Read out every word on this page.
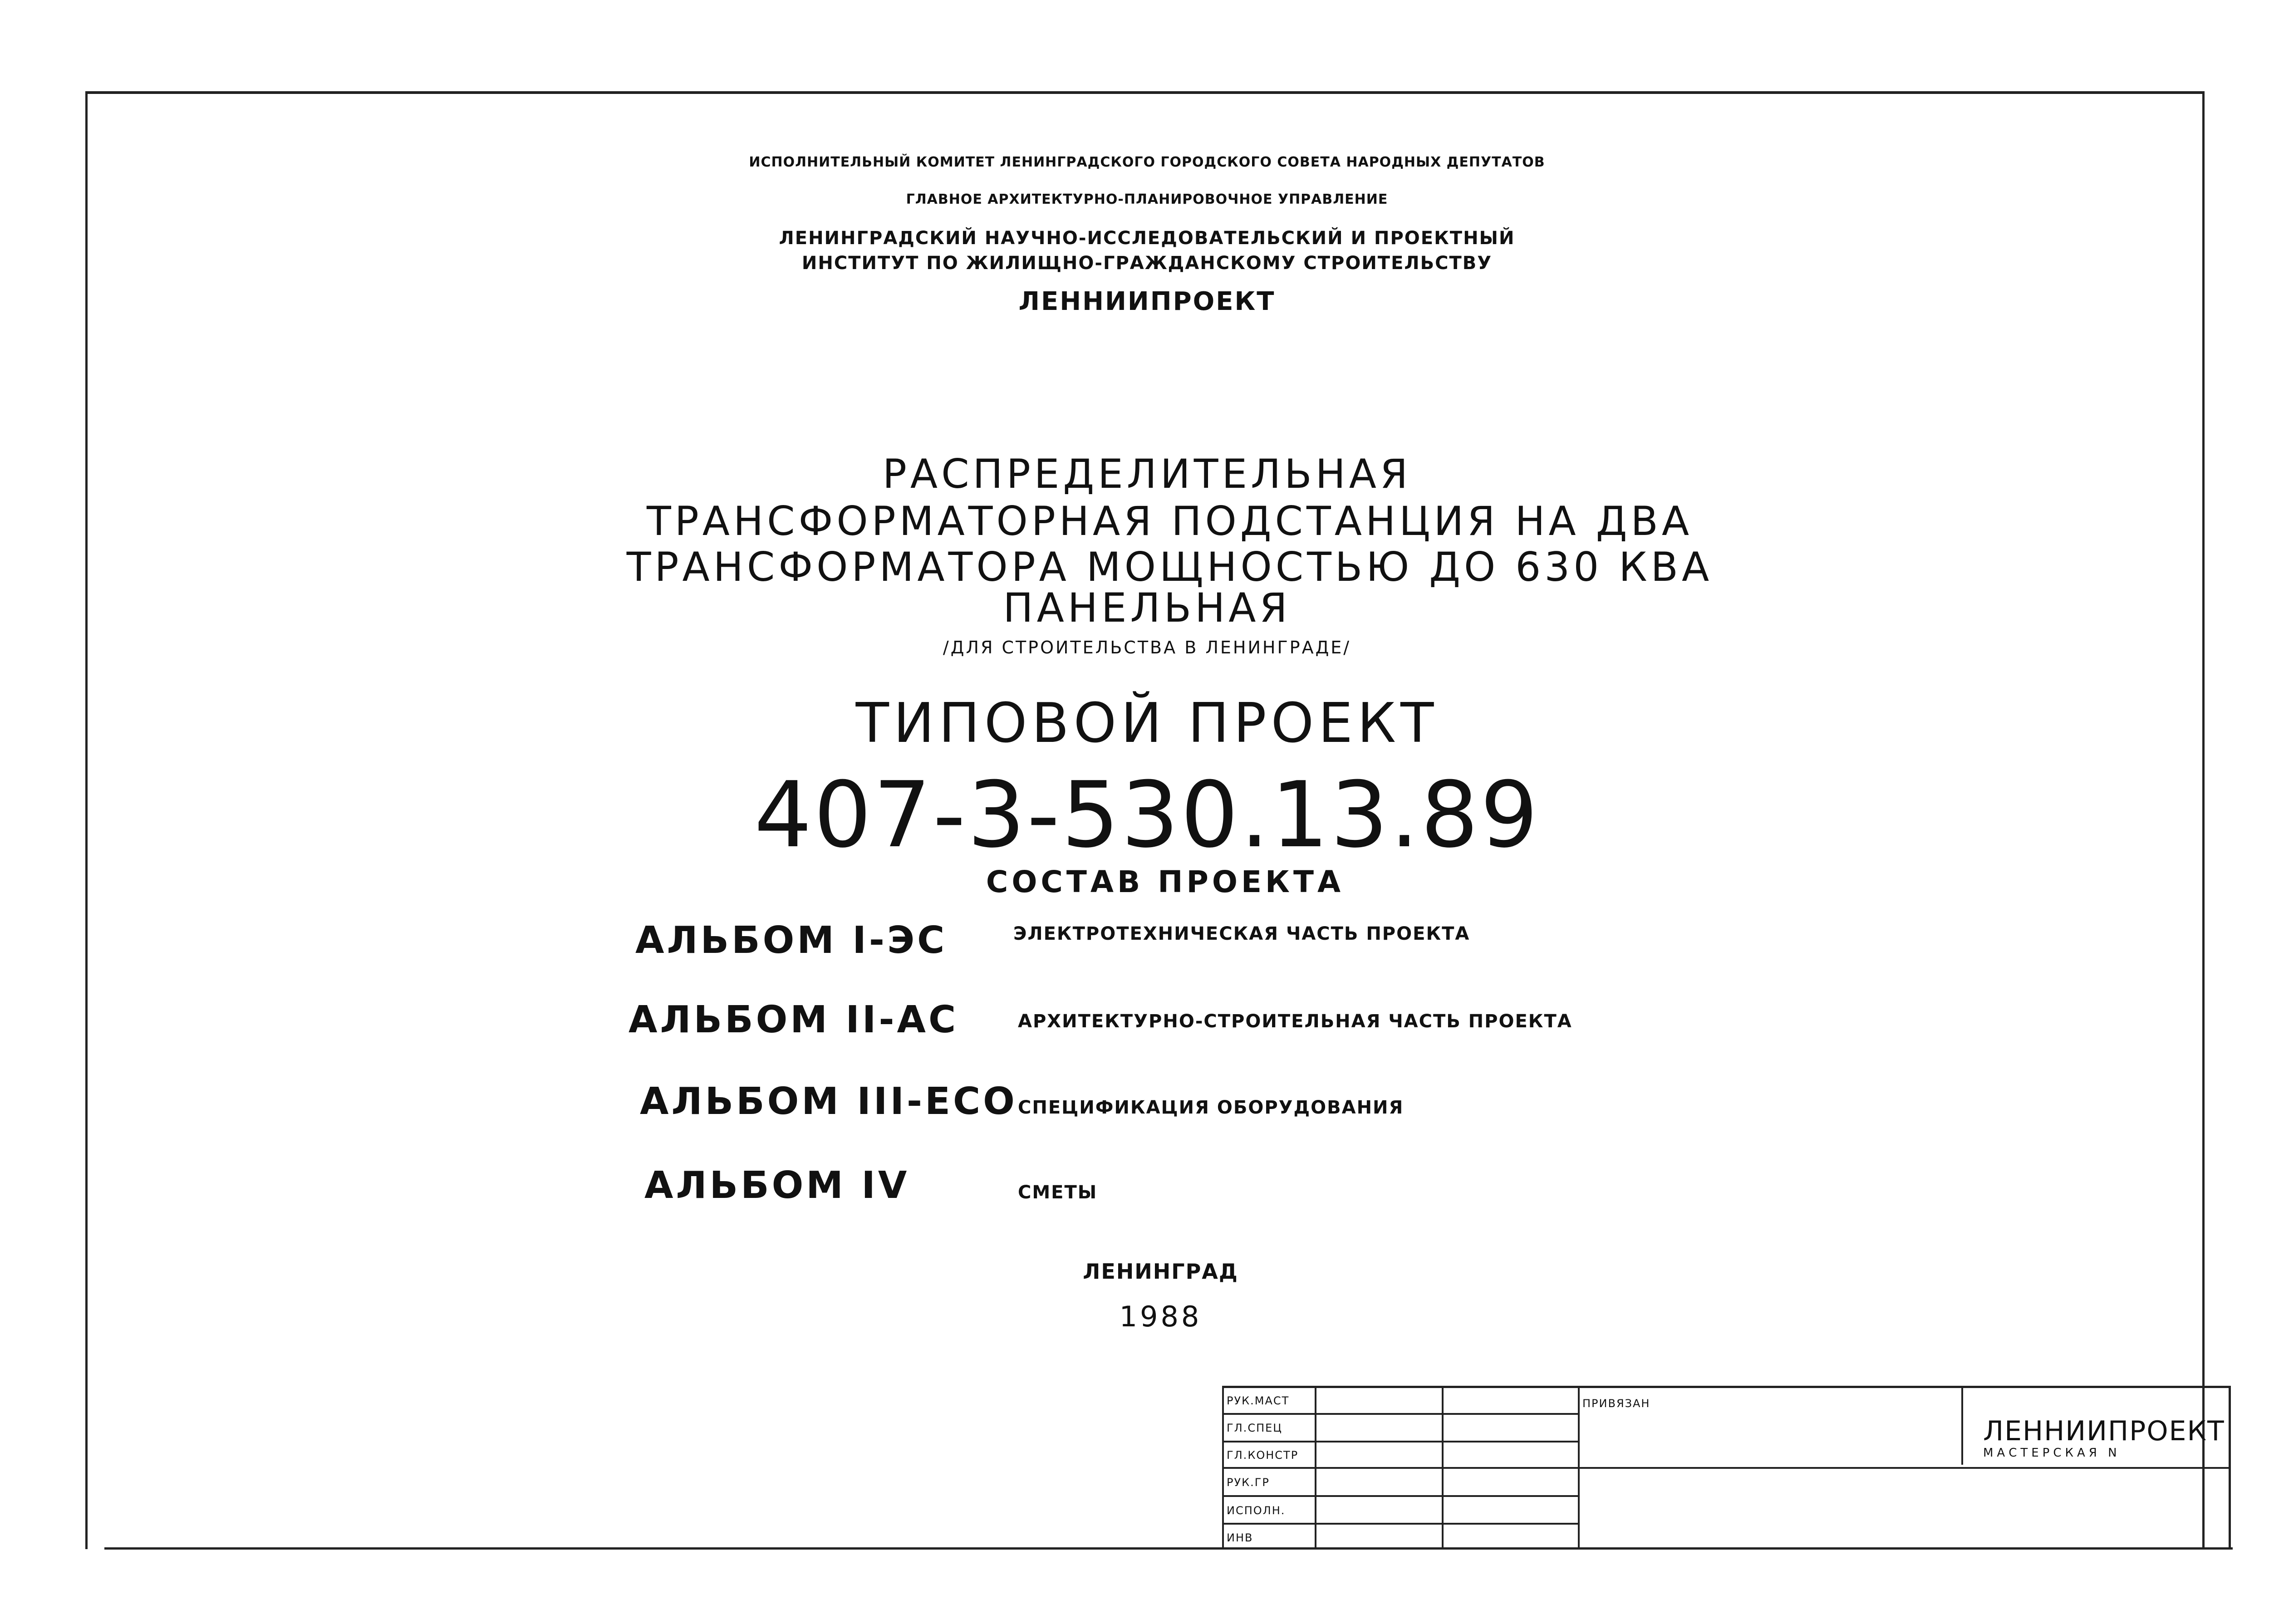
ИСПОЛНИТЕЛЬНЫЙ КОМИТЕТ ЛЕНИНГРАДСКОГО ГОРОДСКОГО СОВЕТА НАРОДНЫХ ДЕПУТАТОВ
ГЛАВНОЕ АРХИТЕКТУРНО-ПЛАНИРОВОЧНОЕ УПРАВЛЕНИЕ
ЛЕНИНГРАДСКИЙ НАУЧНО-ИССЛЕДОВАТЕЛЬСКИЙ И ПРОЕКТНЫЙ
ИНСТИТУТ ПО ЖИЛИЩНО-ГРАЖДАНСКОМУ СТРОИТЕЛЬСТВУ
ЛЕННИИПРОЕКТ
РАСПРЕДЕЛИТЕЛЬНАЯ
ТРАНСФОРМАТОРНАЯ ПОДСТАНЦИЯ НА ДВА
ТРАНСФОРМАТОРА МОЩНОСТЬЮ ДО 630 КВА
ПАНЕЛЬНАЯ
/ДЛЯ СТРОИТЕЛЬСТВА В ЛЕНИНГРАДЕ/
ТИПОВОЙ ПРОЕКТ
407-3-530.13.89
СОСТАВ ПРОЕКТА
АЛЬБОМ I-ЭС	ЭЛЕКТРОТЕХНИЧЕСКАЯ ЧАСТЬ ПРОЕКТА
АЛЬБОМ II-АС	АРХИТЕКТУРНО-СТРОИТЕЛЬНАЯ ЧАСТЬ ПРОЕКТА
АЛЬБОМ III-ЕСО СПЕЦИФИКАЦИЯ ОБОРУДОВАНИЯ
АЛЬБОМ IV	СМЕТЫ
ЛЕНИНГРАД
1988
РУК.МАСТ
ГЛ.СПЕЦ
ГЛ.КОНСТР
РУК.ГР
ИСПОЛН.
ИНВ
ПРИВЯЗАН
ЛЕННИИПРОЕКТ
МАСТЕРСКАЯ N
